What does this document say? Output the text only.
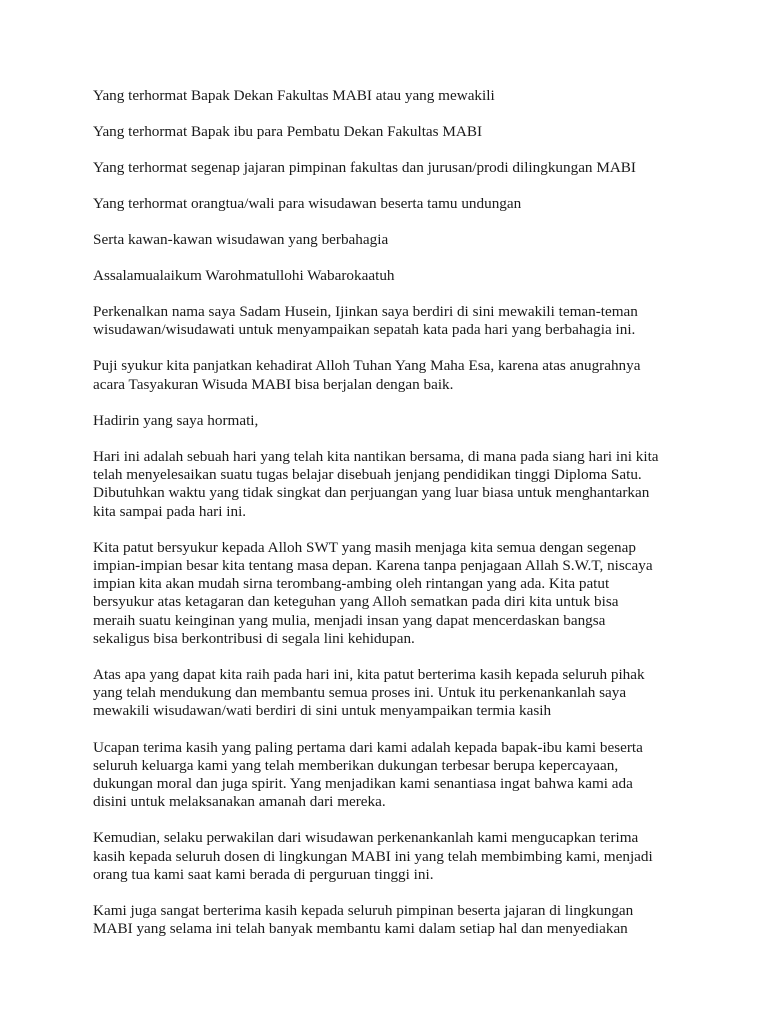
Yang terhormat Bapak Dekan Fakultas MABI atau yang mewakili

Yang terhormat Bapak ibu para Pembatu Dekan Fakultas MABI

Yang terhormat segenap jajaran pimpinan fakultas dan jurusan/prodi dilingkungan MABI

Yang terhormat orangtua/wali para wisudawan beserta tamu undungan

Serta kawan-kawan wisudawan yang berbahagia

Assalamualaikum Warohmatullohi Wabarokaatuh

Perkenalkan nama saya Sadam Husein, Ijinkan saya berdiri di sini mewakili teman-teman
wisudawan/wisudawati untuk menyampaikan sepatah kata pada hari yang berbahagia ini.

Puji syukur kita panjatkan kehadirat Alloh Tuhan Yang Maha Esa, karena atas anugrahnya
acara Tasyakuran Wisuda MABI bisa berjalan dengan baik.

Hadirin yang saya hormati,

Hari ini adalah sebuah hari yang telah kita nantikan bersama, di mana pada siang hari ini kita
telah menyelesaikan suatu tugas belajar disebuah jenjang pendidikan tinggi Diploma Satu.
Dibutuhkan waktu yang tidak singkat dan perjuangan yang luar biasa untuk menghantarkan
kita sampai pada hari ini.

Kita patut bersyukur kepada Alloh SWT yang masih menjaga kita semua dengan segenap
impian-impian besar kita tentang masa depan. Karena tanpa penjagaan Allah S.W.T, niscaya
impian kita akan mudah sirna terombang-ambing oleh rintangan yang ada. Kita patut
bersyukur atas ketagaran dan keteguhan yang Alloh sematkan pada diri kita untuk bisa
meraih suatu keinginan yang mulia, menjadi insan yang dapat mencerdaskan bangsa
sekaligus bisa berkontribusi di segala lini kehidupan.

Atas apa yang dapat kita raih pada hari ini, kita patut berterima kasih kepada seluruh pihak
yang telah mendukung dan membantu semua proses ini. Untuk itu perkenankanlah saya
mewakili wisudawan/wati berdiri di sini untuk menyampaikan termia kasih

Ucapan terima kasih yang paling pertama dari kami adalah kepada bapak-ibu kami beserta
seluruh keluarga kami yang telah memberikan dukungan terbesar berupa kepercayaan,
dukungan moral dan juga spirit. Yang menjadikan kami senantiasa ingat bahwa kami ada
disini untuk melaksanakan amanah dari mereka.

Kemudian, selaku perwakilan dari wisudawan perkenankanlah kami mengucapkan terima
kasih kepada seluruh dosen di lingkungan MABI ini yang telah membimbing kami, menjadi
orang tua kami saat kami berada di perguruan tinggi ini.

Kami juga sangat berterima kasih kepada seluruh pimpinan beserta jajaran di lingkungan
MABI yang selama ini telah banyak membantu kami dalam setiap hal dan menyediakan
